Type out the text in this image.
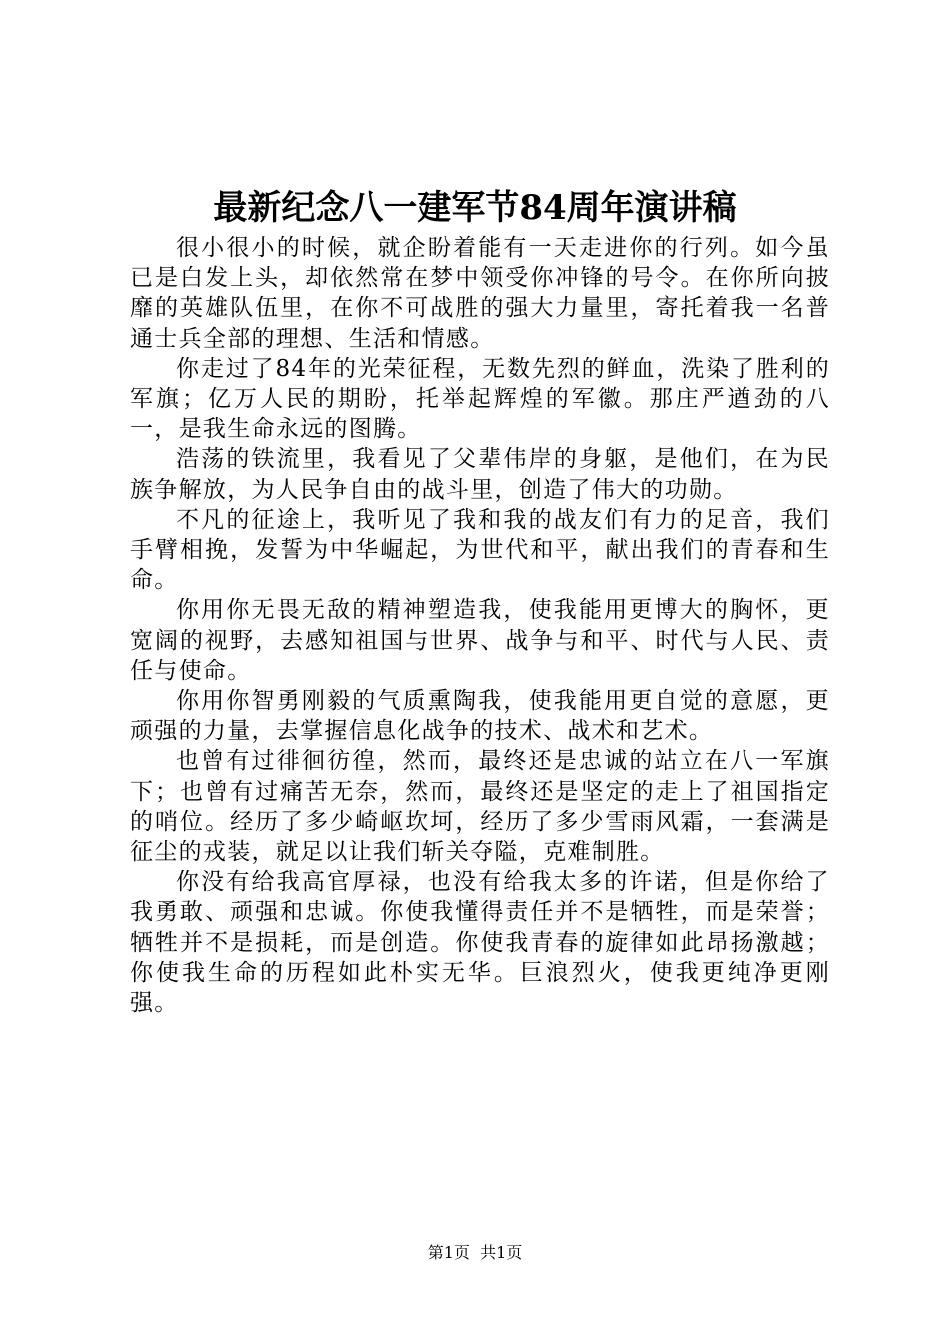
最新纪念八一建军节84周年演讲稿

很小很小的时候，就企盼着能有一天走进你的行列。如今虽已是白发上头，却依然常在梦中领受你冲锋的号令。在你所向披靡的英雄队伍里，在你不可战胜的强大力量里，寄托着我一名普通士兵全部的理想、生活和情感。

你走过了84年的光荣征程，无数先烈的鲜血，洗染了胜利的军旗；亿万人民的期盼，托举起辉煌的军徽。那庄严遒劲的八一，是我生命永远的图腾。

浩荡的铁流里，我看见了父辈伟岸的身躯，是他们，在为民族争解放，为人民争自由的战斗里，创造了伟大的功勋。

不凡的征途上，我听见了我和我的战友们有力的足音，我们手臂相挽，发誓为中华崛起，为世代和平，献出我们的青春和生命。

你用你无畏无敌的精神塑造我，使我能用更博大的胸怀，更宽阔的视野，去感知祖国与世界、战争与和平、时代与人民、责任与使命。

你用你智勇刚毅的气质熏陶我，使我能用更自觉的意愿，更顽强的力量，去掌握信息化战争的技术、战术和艺术。

也曾有过徘徊彷徨，然而，最终还是忠诚的站立在八一军旗下；也曾有过痛苦无奈，然而，最终还是坚定的走上了祖国指定的哨位。经历了多少崎岖坎坷，经历了多少雪雨风霜，一套满是征尘的戎装，就足以让我们斩关夺隘，克难制胜。

你没有给我高官厚禄，也没有给我太多的许诺，但是你给了我勇敢、顽强和忠诚。你使我懂得责任并不是牺牲，而是荣誉；牺牲并不是损耗，而是创造。你使我青春的旋律如此昂扬激越；你使我生命的历程如此朴实无华。巨浪烈火，使我更纯净更刚强。

第1页 共1页
